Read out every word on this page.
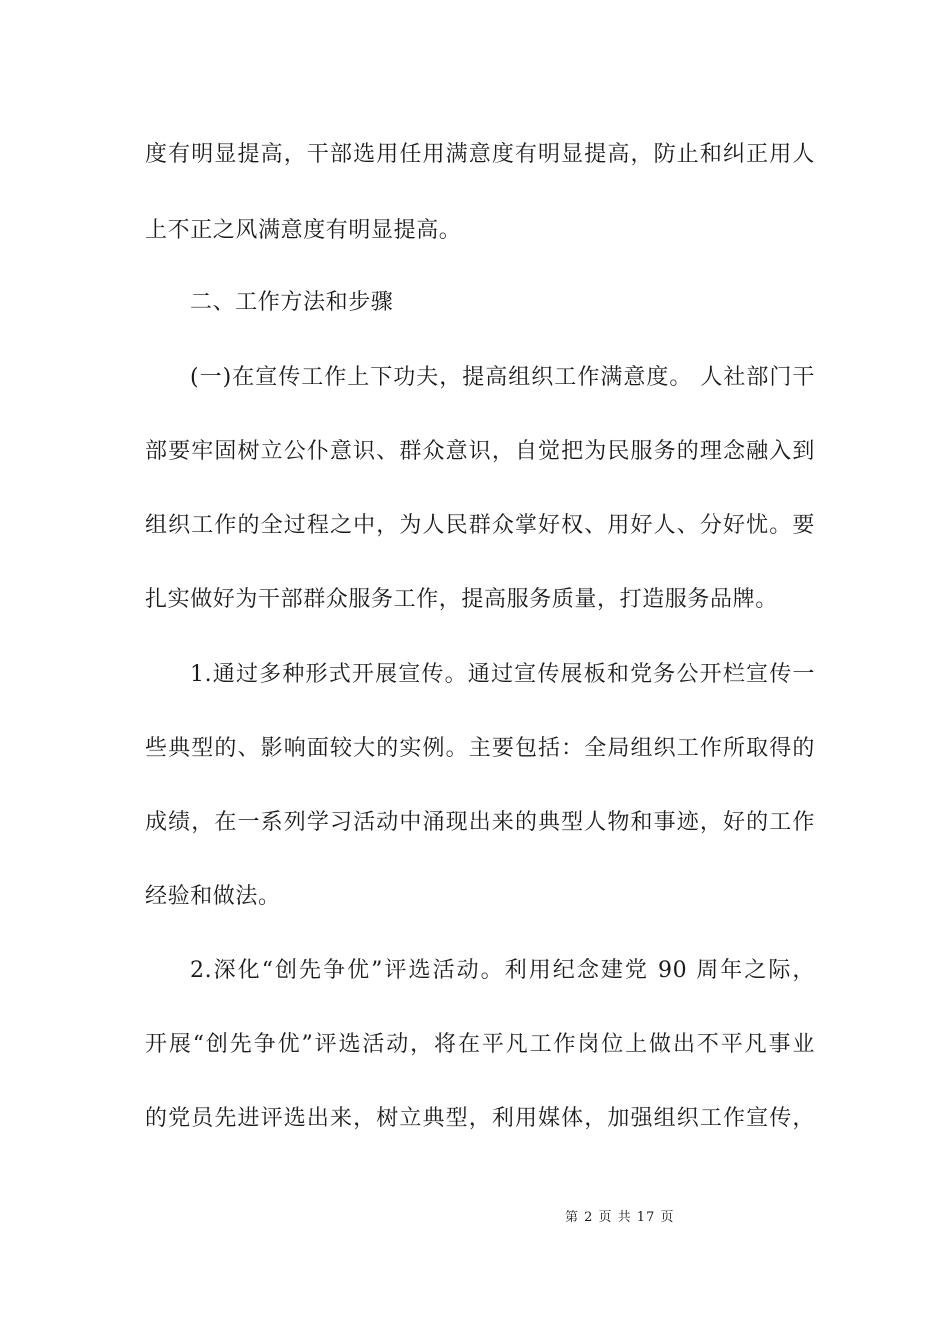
度有明显提高，干部选用任用满意度有明显提高，防止和纠正用人
上不正之风满意度有明显提高。
二、工作方法和步骤
(一)在宣传工作上下功夫，提高组织工作满意度。 人社部门干
部要牢固树立公仆意识、群众意识，自觉把为民服务的理念融入到
组织工作的全过程之中，为人民群众掌好权、用好人、分好忧。要
扎实做好为干部群众服务工作，提高服务质量，打造服务品牌。
1.通过多种形式开展宣传。通过宣传展板和党务公开栏宣传一
些典型的、影响面较大的实例。主要包括：全局组织工作所取得的
成绩，在一系列学习活动中涌现出来的典型人物和事迹，好的工作
经验和做法。
2.深化“创先争优”评选活动。利用纪念建党 90 周年之际，
开展“创先争优”评选活动，将在平凡工作岗位上做出不平凡事业
的党员先进评选出来，树立典型，利用媒体，加强组织工作宣传，
第 2 页 共 17 页
